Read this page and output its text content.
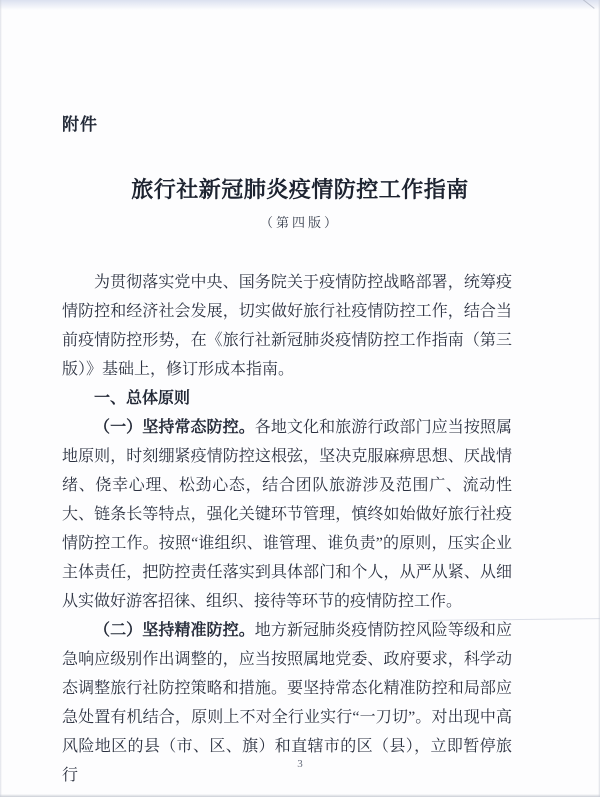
附件
旅行社新冠肺炎疫情防控工作指南
（第四版）

为贯彻落实党中央、国务院关于疫情防控战略部署，统筹疫情防控和经济社会发展，切实做好旅行社疫情防控工作，结合当前疫情防控形势，在《旅行社新冠肺炎疫情防控工作指南（第三版）》基础上，修订形成本指南。

一、总体原则

（一）坚持常态防控。各地文化和旅游行政部门应当按照属地原则，时刻绷紧疫情防控这根弦，坚决克服麻痹思想、厌战情绪、侥幸心理、松劲心态，结合团队旅游涉及范围广、流动性大、链条长等特点，强化关键环节管理，慎终如始做好旅行社疫情防控工作。按照“谁组织、谁管理、谁负责”的原则，压实企业主体责任，把防控责任落实到具体部门和个人，从严从紧、从细从实做好游客招徕、组织、接待等环节的疫情防控工作。

（二）坚持精准防控。地方新冠肺炎疫情防控风险等级和应急响应级别作出调整的，应当按照属地党委、政府要求，科学动态调整旅行社防控策略和措施。要坚持常态化精准防控和局部应急处置有机结合，原则上不对全行业实行“一刀切”。对出现中高风险地区的县（市、区、旗）和直辖市的区（县），立即暂停旅行

3
